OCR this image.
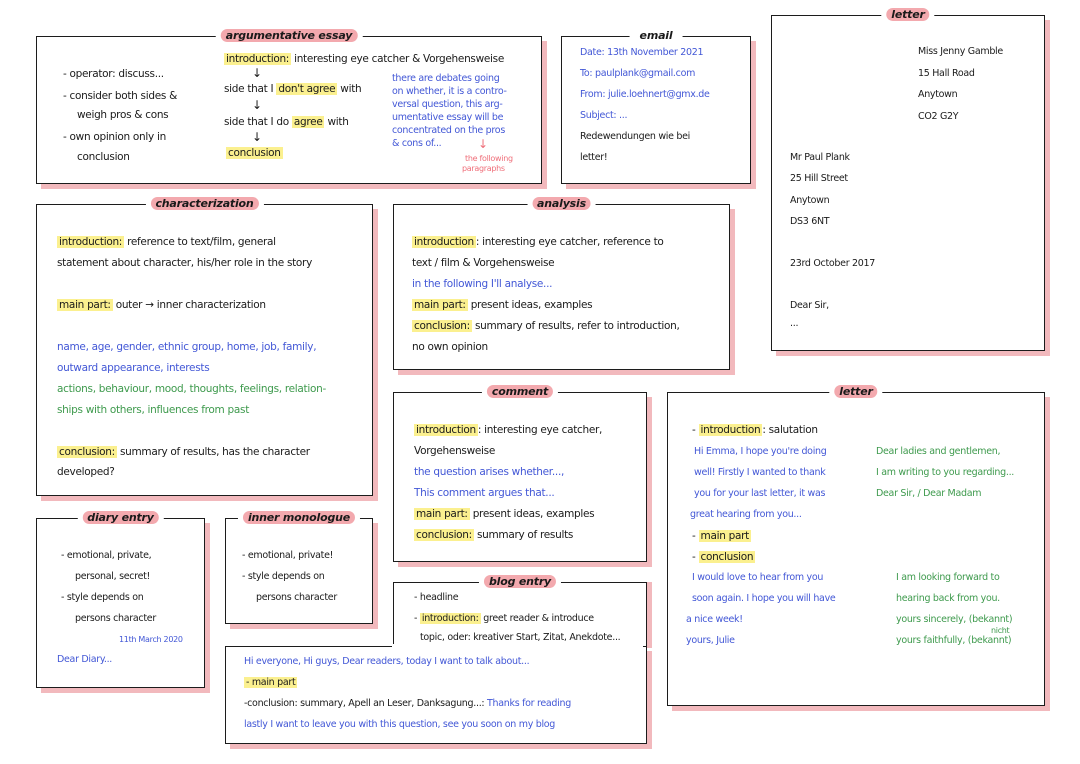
argumentative essay
- operator: discuss...
- consider both sides &
weigh pros & cons
- own opinion only in
conclusion
introduction: interesting eye catcher & Vorgehensweise
↓
side that I don't agree with
↓
side that I do agree with
↓
conclusion
there are debates going
on whether, it is a contro-
versal question, this arg-
umentative essay will be
concentrated on the pros
& cons of...	↓
the following
paragraphs
email
Date: 13th November 2021
To: paulplank@gmail.com
From: julie.loehnert@gmx.de
Subject: ...
Redewendungen wie bei
letter!
letter
Miss Jenny Gamble
15 Hall Road
Anytown
CO2 G2Y
Mr Paul Plank
25 Hill Street
Anytown
DS3 6NT
23rd October 2017
Dear Sir,
...
characterization
introduction: reference to text/film, general
statement about character, his/her role in the story
main part: outer → inner characterization
name, age, gender, ethnic group, home, job, family,
outward appearance, interests
actions, behaviour, mood, thoughts, feelings, relation-
ships with others, influences from past
conclusion: summary of results, has the character
developed?
analysis
introduction : interesting eye catcher, reference to
text / film & Vorgehensweise
in the following I'll analyse...
main part: present ideas, examples
conclusion: summary of results, refer to introduction,
no own opinion
comment
introduction : interesting eye catcher,
Vorgehensweise
the question arises whether...,
This comment argues that...
main part: present ideas, examples
conclusion: summary of results
letter
- introduction : salutation
Hi Emma, I hope you're doing
well! Firstly I wanted to thank
you for your last letter, it was
great hearing from you...
Dear ladies and gentlemen,
I am writing to you regarding...
Dear Sir, / Dear Madam
- main part
- conclusion
I would love to hear from you
soon again. I hope you will have
a nice week!
yours, Julie
I am looking forward to
hearing back from you.
yours sincerely, (bekannt)
nicht
yours faithfully, (bekannt)
diary entry
- emotional, private,
personal, secret!
- style depends on
persons character
11th March 2020
Dear Diary...
inner monologue
- emotional, private!
- style depends on
persons character
blog entry
- headline
- introduction: greet reader & introduce
topic, oder: kreativer Start, Zitat, Anekdote...
Hi everyone, Hi guys, Dear readers, today I want to talk about...
- main part
-conclusion: summary, Apell an Leser, Danksagung...: Thanks for reading
lastly I want to leave you with this question, see you soon on my blog
